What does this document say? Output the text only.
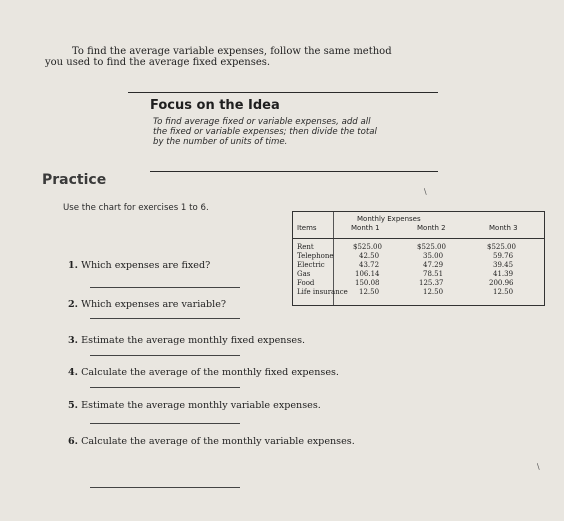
To find the average variable expenses, follow the same method
you used to find the average fixed expenses.
Focus on the Idea
To find average fixed or variable expenses, add all
the fixed or variable expenses; then divide the total
by the number of units of time.
Practice
Use the chart for exercises 1 to 6.
1. Which expenses are fixed?
2. Which expenses are variable?
3. Estimate the average monthly fixed expenses.
4. Calculate the average of the monthly fixed expenses.
5. Estimate the average monthly variable expenses.
6. Calculate the average of the monthly variable expenses.
Items
Monthly Expenses
Month 1	Month 2	Month 3
Rent	$525.00	$525.00	$525.00
Telephone	42.50	35.00	59.76
Electric	43.72	47.29	39.45
Gas	106.14	78.51	41.39
Food	150.08	125.37	200.96
Life insurance 12.50	12.50	12.50
/
/
